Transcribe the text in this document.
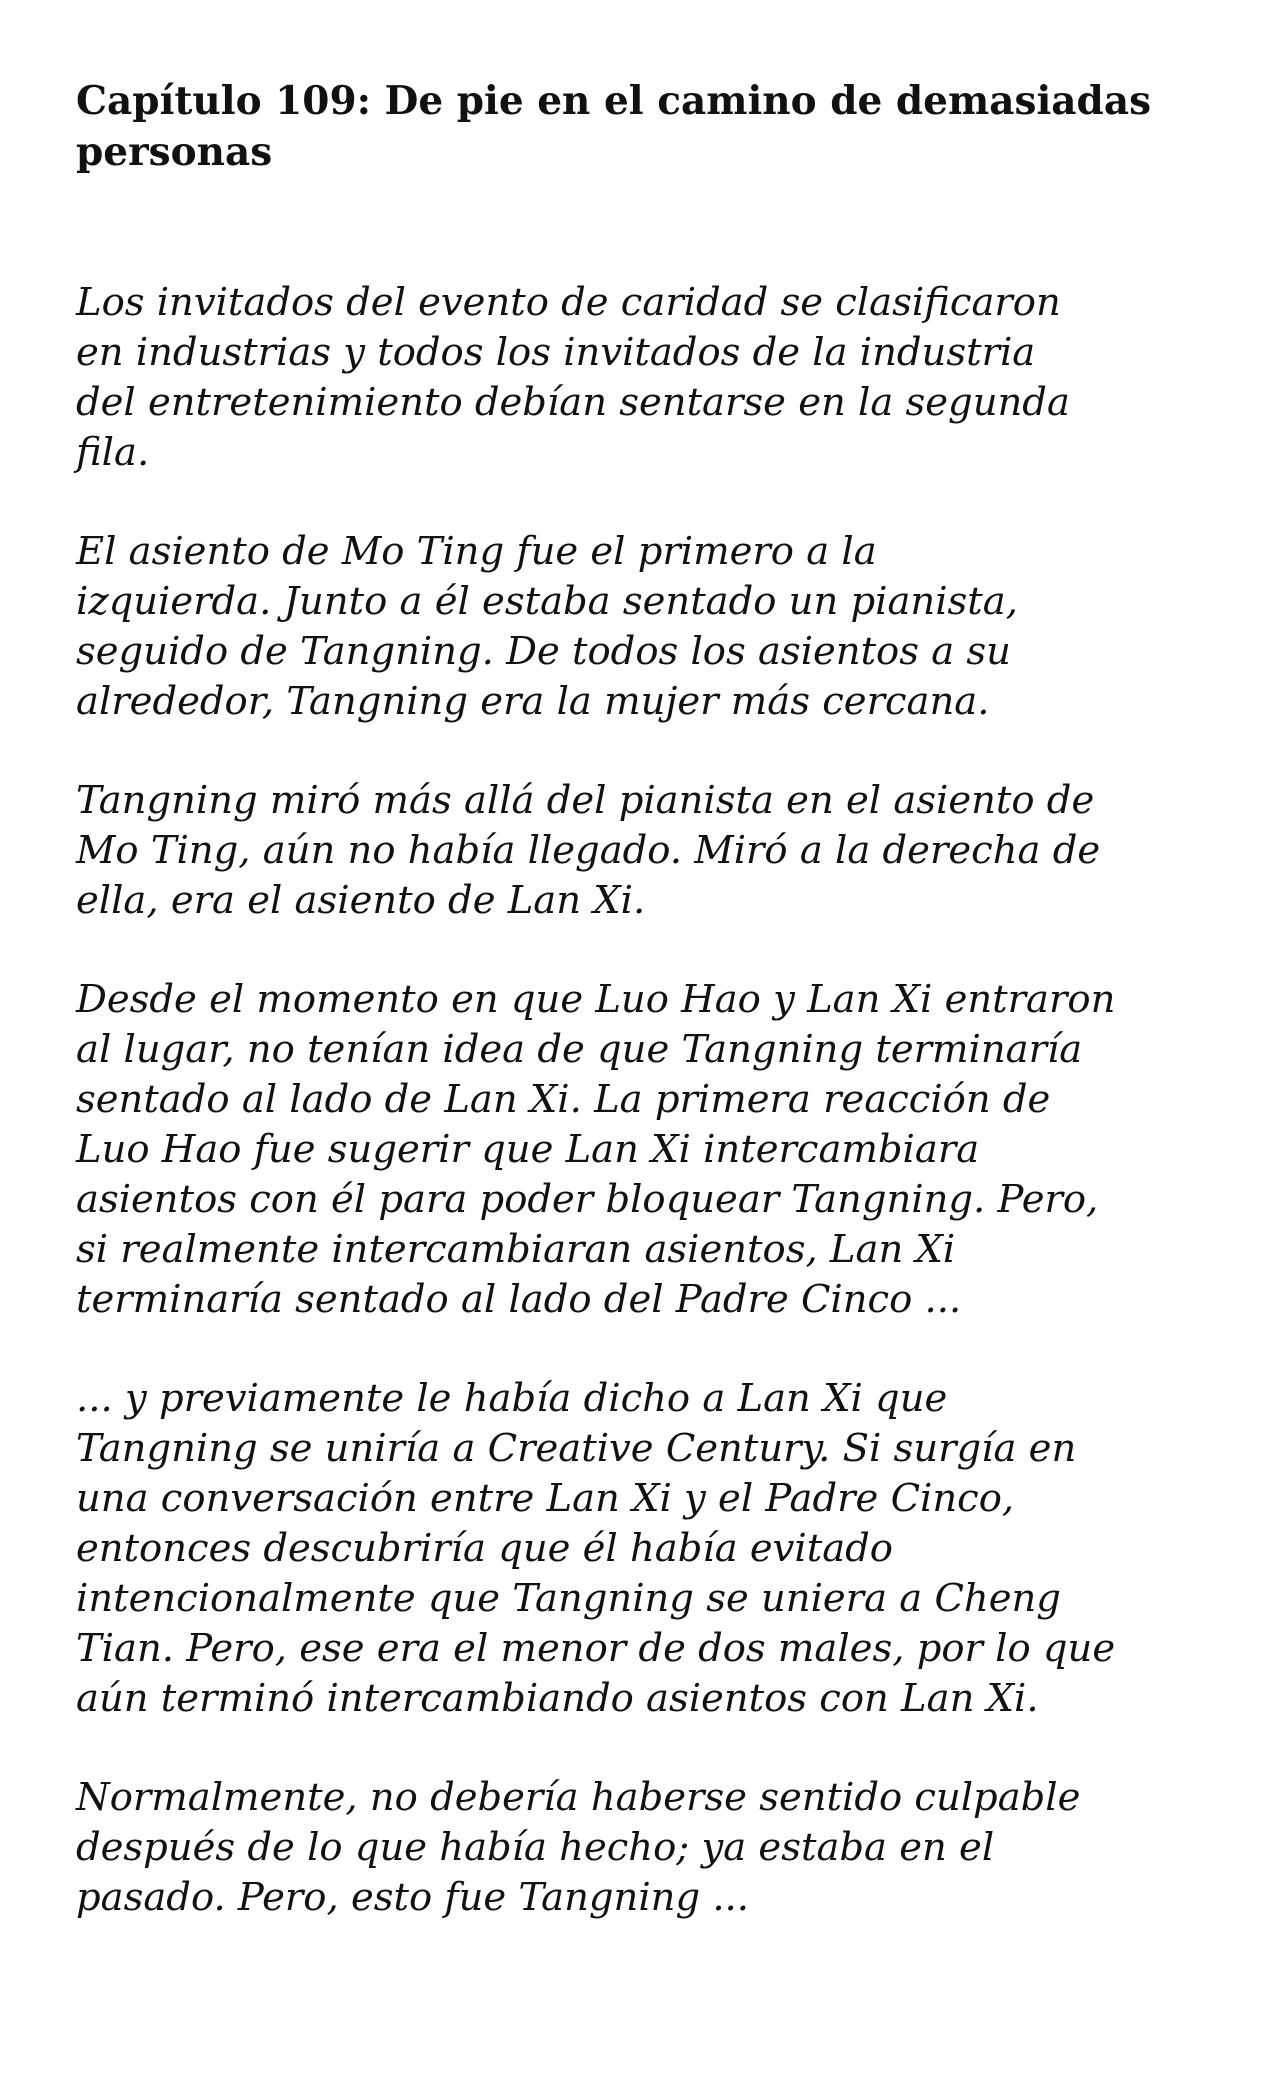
Capítulo 109: De pie en el camino de demasiadas
personas

Los invitados del evento de caridad se clasificaron
en industrias y todos los invitados de la industria
del entretenimiento debían sentarse en la segunda
fila.

El asiento de Mo Ting fue el primero a la
izquierda. Junto a él estaba sentado un pianista,
seguido de Tangning. De todos los asientos a su
alrededor, Tangning era la mujer más cercana.

Tangning miró más allá del pianista en el asiento de
Mo Ting, aún no había llegado. Miró a la derecha de
ella, era el asiento de Lan Xi.

Desde el momento en que Luo Hao y Lan Xi entraron
al lugar, no tenían idea de que Tangning terminaría
sentado al lado de Lan Xi. La primera reacción de
Luo Hao fue sugerir que Lan Xi intercambiara
asientos con él para poder bloquear Tangning. Pero,
si realmente intercambiaran asientos, Lan Xi
terminaría sentado al lado del Padre Cinco ...

... y previamente le había dicho a Lan Xi que
Tangning se uniría a Creative Century. Si surgía en
una conversación entre Lan Xi y el Padre Cinco,
entonces descubriría que él había evitado
intencionalmente que Tangning se uniera a Cheng
Tian. Pero, ese era el menor de dos males, por lo que
aún terminó intercambiando asientos con Lan Xi.

Normalmente, no debería haberse sentido culpable
después de lo que había hecho; ya estaba en el
pasado. Pero, esto fue Tangning ...
